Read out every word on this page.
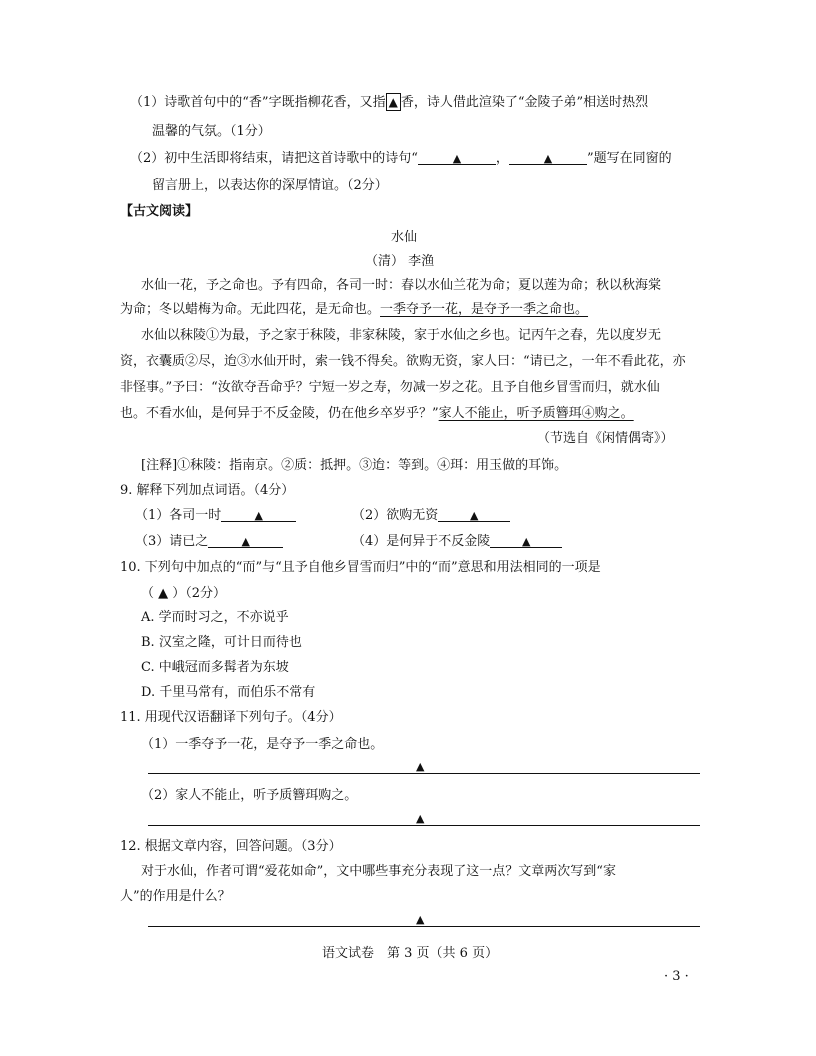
（1）诗歌首句中的“香”字既指柳花香，又指 ▲ 香，诗人借此渲染了“金陵子弟”相送时热烈
温馨的气氛。（1分）
（2）初中生活即将结束，请把这首诗歌中的诗句“	▲	，	▲	”题写在同窗的
留言册上，以表达你的深厚情谊。（2分）
【古文阅读】
水仙
（清） 李渔
水仙一花，予之命也。予有四命，各司一时：春以水仙兰花为命；夏以莲为命；秋以秋海棠
为命；冬以蜡梅为命。无此四花，是无命也。一季夺予一花，是夺予一季之命也。
水仙以秣陵①为最，予之家于秣陵，非家秣陵，家于水仙之乡也。记丙午之春，先以度岁无
资，衣囊质②尽，迨③水仙开时，索一钱不得矣。欲购无资，家人曰：“请已之，一年不看此花，亦
非怪事。”予曰：“汝欲夺吾命乎？宁短一岁之寿，勿减一岁之花。且予自他乡冒雪而归，就水仙
也。不看水仙，是何异于不反金陵，仍在他乡卒岁乎？”家人不能止，听予质簪珥④购之。
（节选自《闲情偶寄》）
[注释]①秣陵：指南京。②质：抵押。③迨：等到。④珥：用玉做的耳饰。
9. 解释下列加点词语。（4分）
（1）各司一时	▲	（2）欲购无资	▲
（3）请已之	▲	（4）是何异于不反金陵	▲
10. 下列句中加点的“而”与“且予自他乡冒雪而归”中的“而”意思和用法相同的一项是
（ ▲ ）（2分）
A. 学而时习之，不亦说乎
B. 汉室之隆，可计日而待也
C. 中峨冠而多髯者为东坡
D. 千里马常有，而伯乐不常有
11. 用现代汉语翻译下列句子。（4分）
（1）一季夺予一花，是夺予一季之命也。
▲
（2）家人不能止，听予质簪珥购之。
▲
12. 根据文章内容，回答问题。（3分）
对于水仙，作者可谓“爱花如命”，文中哪些事充分表现了这一点？文章两次写到“家
人”的作用是什么？
▲
语文试卷　第 3 页（共 6 页）
· 3 ·
